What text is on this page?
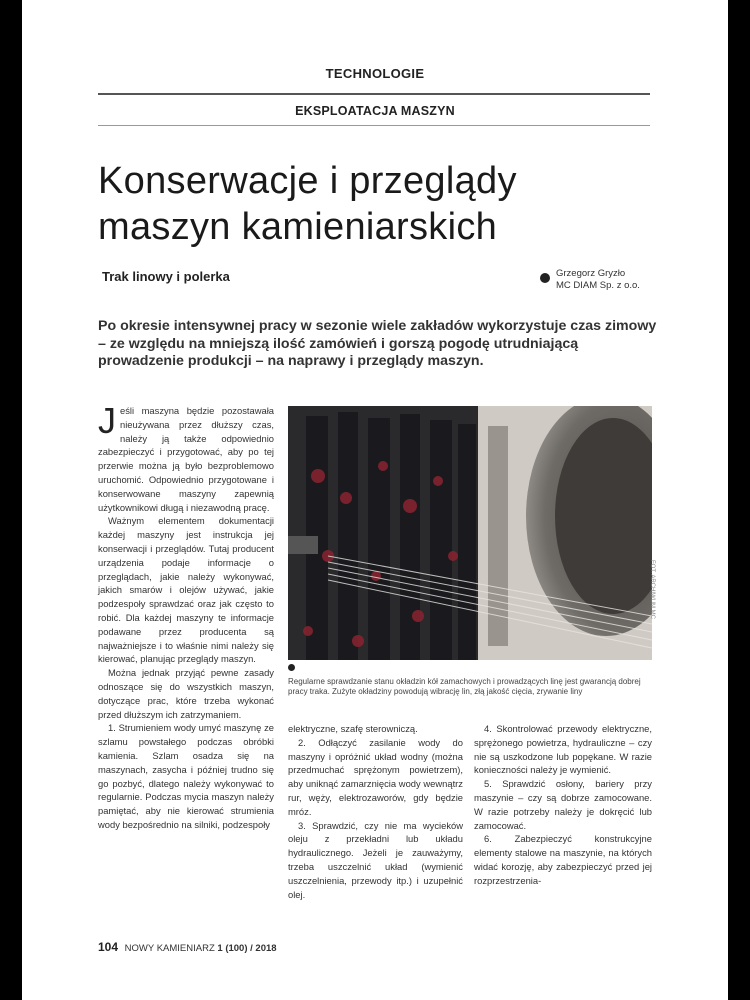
TECHNOLOGIE
EKSPLOATACJA MASZYN
Konserwacje i przeglądy
maszyn kamieniarskich
Trak linowy i polerka	Grzegorz Gryzło
MC DIAM Sp. z o.o.
Po okresie intensywnej pracy w sezonie wiele zakładów wykorzystuje czas zimowy – ze względu na mniejszą ilość zamówień i gorszą pogodę utrudniającą prowadzenie produkcji – na naprawy i przeglądy maszyn.

Jeśli maszyna będzie pozostawała nieużywana przez dłuższy czas, należy ją także odpowiednio zabezpieczyć i przygotować, aby po tej przerwie można ją było bezproblemowo uruchomić. Odpowiednio przygotowane i konserwowane maszyny zapewnią użytkownikowi długą i niezawodną pracę.

Ważnym elementem dokumentacji każdej maszyny jest instrukcja jej konserwacji i przeglądów. Tutaj producent urządzenia podaje informacje o przeglądach, jakie należy wykonywać, jakich smarów i olejów używać, jakie podzespoły sprawdzać oraz jak często to robić. Dla każdej maszyny te informacje podawane przez producenta są najważniejsze i to właśnie nimi należy się kierować, planując przeglądy maszyn.

Można jednak przyjąć pewne zasady odnoszące się do wszystkich maszyn, dotyczące prac, które trzeba wykonać przed dłuższym ich zatrzymaniem.

1. Strumieniem wody umyć maszynę ze szlamu powstałego podczas obróbki kamienia. Szlam osadza się na maszynach, zasycha i później trudno się go pozbyć, dlatego należy wykonywać to regularnie. Podczas mycia maszyn należy pamiętać, aby nie kierować strumienia wody bezpośrednio na silniki, podzespoły

FOT. ARCHIWUM MC

Regularne sprawdzanie stanu okładzin kół zamachowych i prowadzących linę jest gwarancją dobrej pracy traka. Zużyte okładziny powodują wibrację lin, złą jakość cięcia, zrywanie liny

elektryczne, szafę sterowniczą.

2. Odłączyć zasilanie wody do maszyny i opróżnić układ wodny (można przedmuchać sprężonym powietrzem), aby uniknąć zamarznięcia wody wewnątrz rur, węży, elektrozaworów, gdy będzie mróz.

3. Sprawdzić, czy nie ma wycieków oleju z przekładni lub układu hydraulicznego. Jeżeli je zauważymy, trzeba uszczelnić układ (wymienić uszczelnienia, przewody itp.) i uzupełnić olej.

4. Skontrolować przewody elektryczne, sprężonego powietrza, hydrauliczne – czy nie są uszkodzone lub popękane. W razie konieczności należy je wymienić.

5. Sprawdzić osłony, bariery przy maszynie – czy są dobrze zamocowane. W razie potrzeby należy je dokręcić lub zamocować.

6. Zabezpieczyć konstrukcyjne elementy stalowe na maszynie, na których widać korozję, aby zabezpieczyć przed jej rozprzestrzenia-

104 NOWY KAMIENIARZ 1 (100) / 2018
